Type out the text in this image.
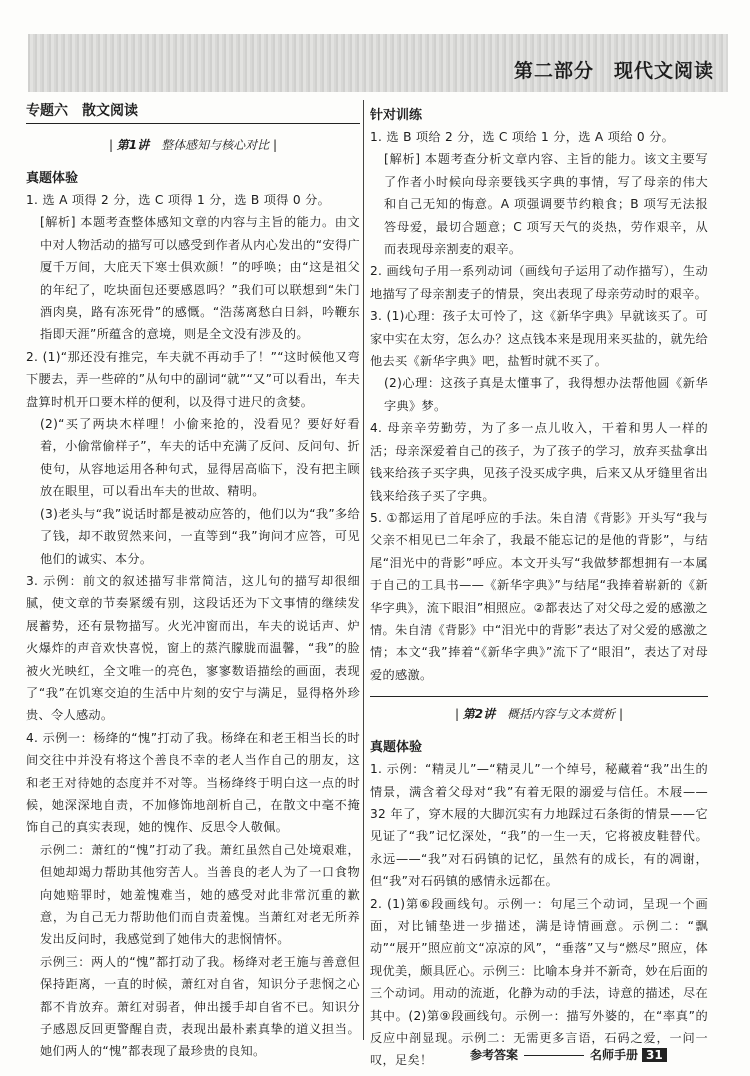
第二部分　现代文阅读
专题六 散文阅读
| 第1讲　 整体感知与核心对比 |
真题体验

1. 选 A 项得 2 分，选 C 项得 1 分，选 B 项得 0 分。

[解析] 本题考查整体感知文章的内容与主旨的能力。由文中对人物活动的描写可以感受到作者从内心发出的“安得广厦千万间，大庇天下寒士俱欢颜！”的呼唤；由“这是祖父的年纪了，吃块面包还要感恩吗？”我们可以联想到“朱门酒肉臭，路有冻死骨”的感慨。“浩荡离愁白日斜，吟鞭东指即天涯”所蕴含的意境，则是全文没有涉及的。

2. (1)“那还没有推完，车夫就不再动手了！”“这时候他又弯下腰去，弄一些碎的”从句中的副词“就”“又”可以看出，车夫盘算时机开口要木样的便利，以及得寸进尺的贪婪。

(2)“买了两块木样哩！小偷来抢的，没看见？要好好看着，小偷常偷样子”，车夫的话中充满了反问、反问句、折使句，从容地运用各种句式，显得居高临下，没有把主顾放在眼里，可以看出车夫的世故、精明。

(3)老头与“我”说话时都是被动应答的，他们以为“我”多给了钱，却不敢贸然来问，一直等到“我”询问才应答，可见他们的诚实、本分。

3. 示例：前文的叙述描写非常简洁，这儿句的描写却很细腻，使文章的节奏紧缓有别，这段话还为下文事情的继续发展蓄势，还有景物描写。火光冲窗而出，车夫的说话声、炉火爆炸的声音欢快喜悦，窗上的蒸汽朦胧而温馨，“我”的脸被火光映红，全文唯一的亮色，寥寥数语描绘的画面，表现了“我”在饥寒交迫的生活中片刻的安宁与满足，显得格外珍贵、令人感动。

4. 示例一：杨绛的“愧”打动了我。杨绛在和老王相当长的时间交往中并没有将这个善良不幸的老人当作自己的朋友，这和老王对待她的态度并不对等。当杨绛终于明白这一点的时候，她深深地自责，不加修饰地剖析自己，在散文中毫不掩饰自己的真实表现，她的愧作、反思令人敬佩。

示例二：萧红的“愧”打动了我。萧红虽然自己处境艰难，但她却竭力帮助其他穷苦人。当善良的老人为了一口食物向她赔罪时，她羞愧难当，她的感受对此非常沉重的歉意，为自己无力帮助他们而自责羞愧。当萧红对老无所养发出反问时，我感觉到了她伟大的悲悯情怀。

示例三：两人的“愧”都打动了我。杨绛对老王施与善意但保持距离，一直的时候，萧红对自省，知识分子悲悯之心都不肯放弃。萧红对弱者，伸出援手却自省不已。知识分子感恩反回更警醒自责，表现出最朴素真挚的道义担当。她们两人的“愧”都表现了最珍贵的良知。

针对训练

1. 选 B 项给 2 分，选 C 项给 1 分，选 A 项给 0 分。

[解析] 本题考查分析文章内容、主旨的能力。该文主要写了作者小时候向母亲要钱买字典的事情，写了母亲的伟大和自己无知的悔意。A 项强调要节约粮食；B 项写无法报答母爱，最切合题意；C 项写天气的炎热，劳作艰辛，从而表现母亲割麦的艰辛。

2. 画线句子用一系列动词（画线句子运用了动作描写），生动地描写了母亲割麦子的情景，突出表现了母亲劳动时的艰辛。

3. (1)心理：孩子太可怜了，这《新华字典》早就该买了。可家中实在太穷，怎么办？这点钱本来是现用来买盐的，就先给他去买《新华字典》吧，盐暂时就不买了。

(2)心理：这孩子真是太懂事了，我得想办法帮他圆《新华字典》梦。

4. 母亲辛劳勤劳，为了多一点儿收入，干着和男人一样的活；母亲深爱着自己的孩子，为了孩子的学习，放弃买盐拿出钱来给孩子买字典，见孩子没买成字典，后来又从牙缝里省出钱来给孩子买了字典。

5. ①都运用了首尾呼应的手法。朱自清《背影》开头写“我与父亲不相见已二年余了，我最不能忘记的是他的背影”，与结尾“泪光中的背影”呼应。本文开头写“我做梦都想拥有一本属于自己的工具书——《新华字典》”与结尾“我捧着崭新的《新华字典》，流下眼泪”相照应。②都表达了对父母之爱的感激之情。朱自清《背影》中“泪光中的背影”表达了对父爱的感激之情；本文“我”捧着“《新华字典》”流下了“眼泪”，表达了对母爱的感激。

| 第2讲　 概括内容与文本赏析 |
真题体验

1. 示例：“精灵儿”—“精灵儿”一个绰号，秘藏着“我”出生的情景，满含着父母对“我”有着无限的溺爱与信任。木屐——32 年了，穿木屐的大脚沉实有力地踩过石条街的情景——它见证了“我”记忆深处，“我”的一生一天，它将被皮鞋替代。永远——“我”对石码镇的记忆，虽然有的成长，有的凋谢，但“我”对石码镇的感情永远都在。

2. (1)第⑥段画线句。示例一：句尾三个动词，呈现一个画面，对比铺垫进一步描述，满是诗情画意。示例二：“飘动”“展开”照应前文“凉凉的风”，“垂落”又与“燃尽”照应，体现优美，颇具匠心。示例三：比喻本身并不新奇，妙在后面的三个动词。用动的流逝，化静为动的手法，诗意的描述，尽在其中。(2)第⑨段画线句。示例一：描写外婆的，在“率真”的反应中剖显现。示例二：无需更多言语，石码之爱，一问一叹，足矣！	参考答案	名师手册 31
